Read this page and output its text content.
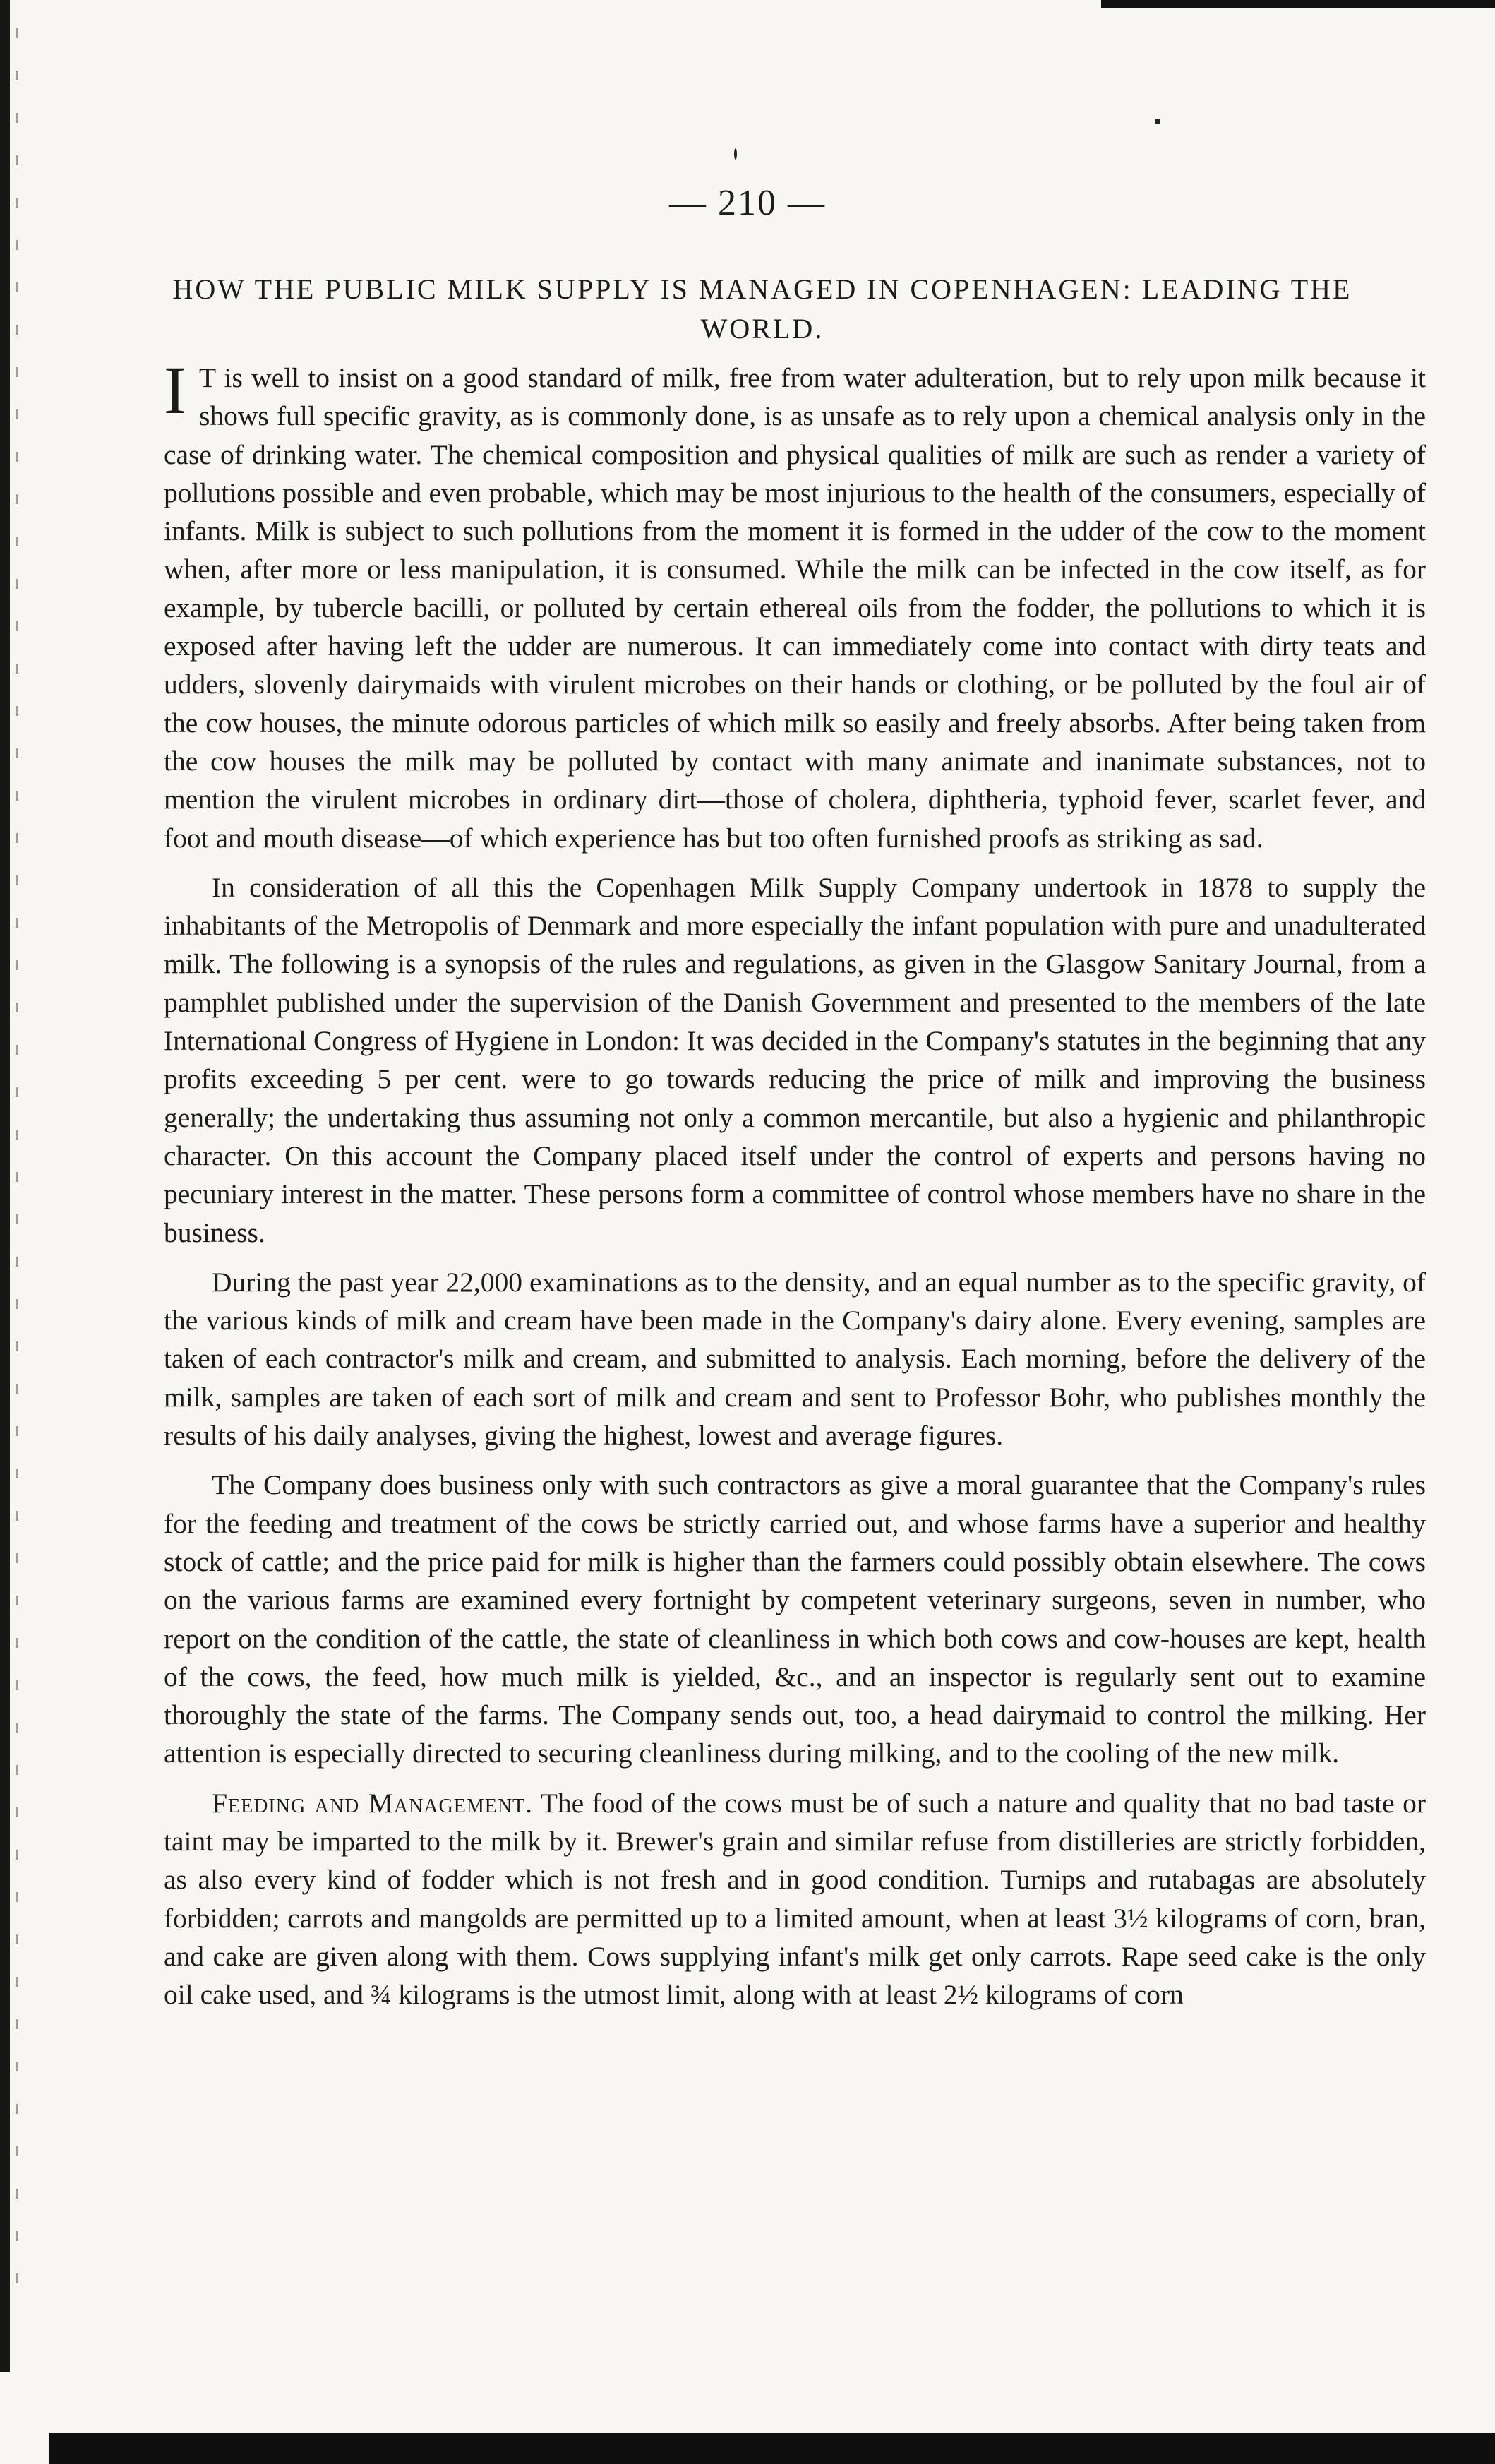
— 210 —
HOW THE PUBLIC MILK SUPPLY IS MANAGED IN COPENHAGEN: LEADING THE WORLD.

I T is well to insist on a good standard of milk, free from water adulteration, but to rely upon milk because it shows full specific gravity, as is commonly done, is as unsafe as to rely upon a chemical analysis only in the case of drinking water. The chemical composition and physical qualities of milk are such as render a variety of pollutions possible and even probable, which may be most injurious to the health of the consumers, especially of infants. Milk is subject to such pollutions from the moment it is formed in the udder of the cow to the moment when, after more or less manipulation, it is consumed. While the milk can be infected in the cow itself, as for example, by tubercle bacilli, or polluted by certain ethereal oils from the fodder, the pollutions to which it is exposed after having left the udder are numerous. It can immediately come into contact with dirty teats and udders, slovenly dairymaids with virulent microbes on their hands or clothing, or be polluted by the foul air of the cow houses, the minute odorous particles of which milk so easily and freely absorbs. After being taken from the cow houses the milk may be polluted by contact with many animate and inanimate substances, not to mention the virulent microbes in ordinary dirt—those of cholera, diphtheria, typhoid fever, scarlet fever, and foot and mouth disease—of which experience has but too often furnished proofs as striking as sad.

In consideration of all this the Copenhagen Milk Supply Company undertook in 1878 to supply the inhabitants of the Metropolis of Denmark and more especially the infant population with pure and unadulterated milk. The following is a synopsis of the rules and regulations, as given in the Glasgow Sanitary Journal, from a pamphlet published under the supervision of the Danish Government and presented to the members of the late International Congress of Hygiene in London: It was decided in the Company's statutes in the beginning that any profits exceeding 5 per cent. were to go towards reducing the price of milk and improving the business generally; the undertaking thus assuming not only a common mercantile, but also a hygienic and philanthropic character. On this account the Company placed itself under the control of experts and persons having no pecuniary interest in the matter. These persons form a committee of control whose members have no share in the business.

During the past year 22,000 examinations as to the density, and an equal number as to the specific gravity, of the various kinds of milk and cream have been made in the Company's dairy alone. Every evening, samples are taken of each contractor's milk and cream, and submitted to analysis. Each morning, before the delivery of the milk, samples are taken of each sort of milk and cream and sent to Professor Bohr, who publishes monthly the results of his daily analyses, giving the highest, lowest and average figures.

The Company does business only with such contractors as give a moral guarantee that the Company's rules for the feeding and treatment of the cows be strictly carried out, and whose farms have a superior and healthy stock of cattle; and the price paid for milk is higher than the farmers could possibly obtain elsewhere. The cows on the various farms are examined every fortnight by competent veterinary surgeons, seven in number, who report on the condition of the cattle, the state of cleanliness in which both cows and cow-houses are kept, health of the cows, the feed, how much milk is yielded, &c., and an inspector is regularly sent out to examine thoroughly the state of the farms. The Company sends out, too, a head dairymaid to control the milking. Her attention is especially directed to securing cleanliness during milking, and to the cooling of the new milk.

Feeding and Management. The food of the cows must be of such a nature and quality that no bad taste or taint may be imparted to the milk by it. Brewer's grain and similar refuse from distilleries are strictly forbidden, as also every kind of fodder which is not fresh and in good condition. Turnips and rutabagas are absolutely forbidden; carrots and mangolds are permitted up to a limited amount, when at least 3½ kilograms of corn, bran, and cake are given along with them. Cows supplying infant's milk get only carrots. Rape seed cake is the only oil cake used, and ¾ kilograms is the utmost limit, along with at least 2½ kilograms of corn
